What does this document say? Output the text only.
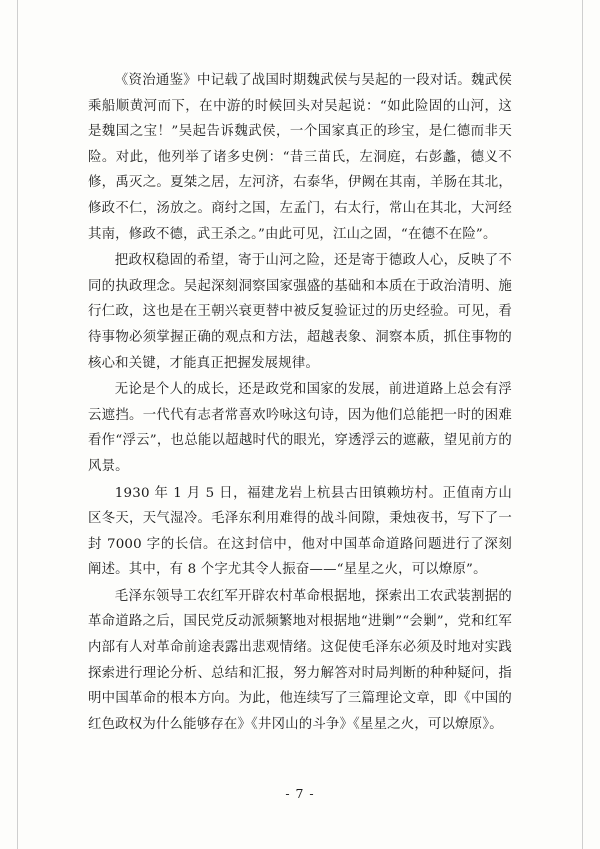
《资治通鉴》中记载了战国时期魏武侯与吴起的一段对话。魏武侯乘船顺黄河而下，在中游的时候回头对吴起说：“如此险固的山河，这是魏国之宝！”吴起告诉魏武侯，一个国家真正的珍宝，是仁德而非天险。对此，他列举了诸多史例：“昔三苗氏，左洞庭，右彭蠡，德义不修，禹灭之。夏桀之居，左河济，右泰华，伊阙在其南，羊肠在其北，修政不仁，汤放之。商纣之国，左孟门，右太行，常山在其北，大河经其南，修政不德，武王杀之。”由此可见，江山之固，“在德不在险”。

把政权稳固的希望，寄于山河之险，还是寄于德政人心，反映了不同的执政理念。吴起深刻洞察国家强盛的基础和本质在于政治清明、施行仁政，这也是在王朝兴衰更替中被反复验证过的历史经验。可见，看待事物必须掌握正确的观点和方法，超越表象、洞察本质，抓住事物的核心和关键，才能真正把握发展规律。

无论是个人的成长，还是政党和国家的发展，前进道路上总会有浮云遮挡。一代代有志者常喜欢吟咏这句诗，因为他们总能把一时的困难看作“浮云”，也总能以超越时代的眼光，穿透浮云的遮蔽，望见前方的风景。

1930 年 1 月 5 日，福建龙岩上杭县古田镇赖坊村。正值南方山区冬天，天气湿冷。毛泽东利用难得的战斗间隙，秉烛夜书，写下了一封 7000 字的长信。在这封信中，他对中国革命道路问题进行了深刻阐述。其中，有 8 个字尤其令人振奋——“星星之火，可以燎原”。

毛泽东领导工农红军开辟农村革命根据地，探索出工农武装割据的革命道路之后，国民党反动派频繁地对根据地“进剿”“会剿”，党和红军内部有人对革命前途表露出悲观情绪。这促使毛泽东必须及时地对实践探索进行理论分析、总结和汇报，努力解答对时局判断的种种疑问，指明中国革命的根本方向。为此，他连续写了三篇理论文章，即《中国的红色政权为什么能够存在》《井冈山的斗争》《星星之火，可以燎原》。

- 7 -
